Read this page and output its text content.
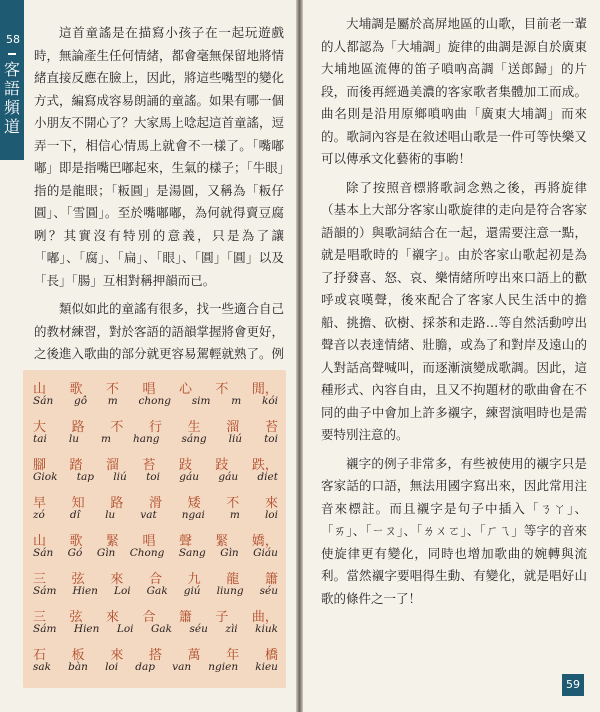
58
客
語
頻
道

這首童謠是在描寫小孩子在一起玩遊戲時，無論產生任何情緒，都會毫無保留地將情緒直接反應在臉上，因此，將這些嘴型的變化方式，編寫成容易朗誦的童謠。如果有哪一個小朋友不開心了？大家馬上唸起這首童謠，逗弄一下，相信心情馬上就會不一樣了。「嘴嘟嘟」即是指嘴巴嘟起來，生氣的樣子；「牛眼」指的是龍眼；「粄圓」是湯圓，又稱為「粄仔圓」、「雪圓」。至於嘴嘟嘟，為何就得賣豆腐咧？其實沒有特別的意義，只是為了讓「嘟」、「腐」、「扁」、「眼」、「圓」「圓」以及「長」「腸」互相對稱押韻而已。

類似如此的童謠有很多，找一些適合自己的教材練習，對於客語的語韻掌握將會更好，之後進入歌曲的部分就更容易駕輕就熟了。例

山 歌 不 唱 心 不 閒，
Sán gô m chong sim m kói
大 路 不 行 生 溜 苔
tai lu m hang sáng liú toi
腳 踏 溜 苔 跂 跂 跌，
Giok tap liú toi gáu gáu diet
早 知 路 滑 矮 不 來
zó dî lu vat ngai m loi
山 歌 緊 唱 聲 緊 嬌，
Sán Gó Gìn Chong Sang Gìn Giáu
三 弦 來 合 九 龍 簫
Sám Hien Loi Gak giú liung séu
三 弦 來 合 簫 子 曲，
Sám Hien Loi Gak séu zìi kiuk
石 板 來 搭 萬 年 橋
sak bàn loi dap van ngien kieu

大埔調是屬於高屏地區的山歌，目前老一輩的人都認為「大埔調」旋律的曲調是源自於廣東大埔地區流傳的笛子嗩吶高調「送郎歸」的片段，而後再經過美濃的客家歌者集體加工而成。曲名則是沿用原鄉嗩吶曲「廣東大埔調」而來的。歌詞內容是在敘述唱山歌是一件可等快樂又可以傳承文化藝術的事喲！

除了按照音標將歌詞念熟之後，再將旋律（基本上大部分客家山歌旋律的走向是符合客家語韻的）與歌詞結合在一起，還需要注意一點，就是唱歌時的「襯字」。由於客家山歌起初是為了抒發喜、怒、哀、樂情緒所哼出來口語上的歡呼或哀嘆聲，後來配合了客家人民生活中的擔船、挑擔、砍樹、採茶和走路…等自然活動哼出聲音以表達情緒、壯膽，或為了和對岸及遠山的人對話高聲喊叫，而逐漸演變成歌調。因此，這種形式、內容自由，且又不拘題材的歌曲會在不同的曲子中會加上許多襯字，練習演唱時也是需要特別注意的。

襯字的例子非常多，有些被使用的襯字只是客家話的口語，無法用國字寫出來，因此常用注音來標註。而且襯字是句子中插入「ㄋㄚ」、「ㄞ」、「ㄧㄡ」、「ㄌㄨㄛ」、「ㄏㄟ」等字的音來使旋律更有變化，同時也增加歌曲的婉轉與流利。當然襯字要唱得生動、有變化，就是唱好山歌的條件之一了！

59
